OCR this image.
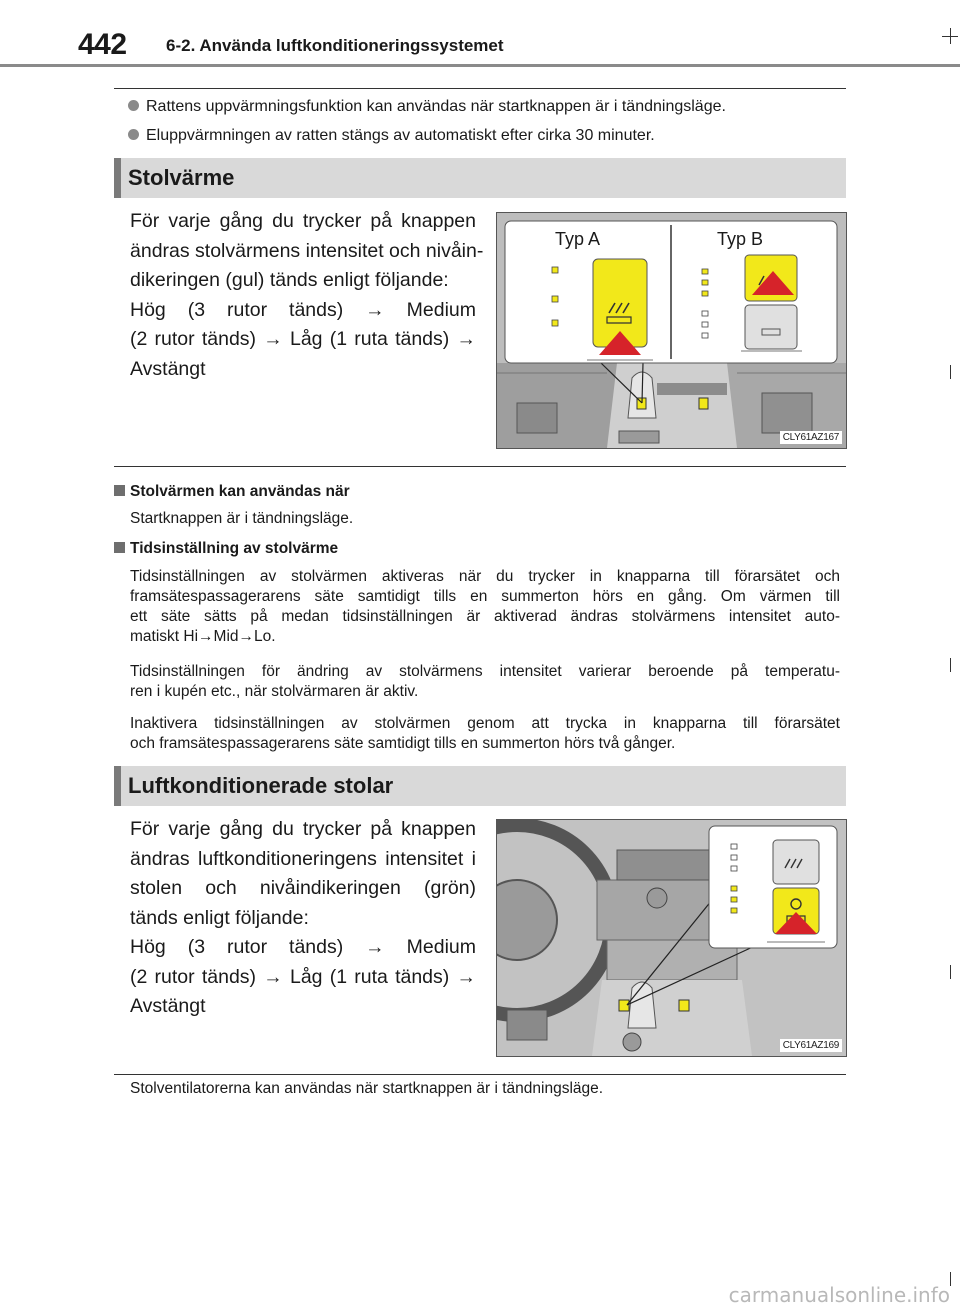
442 6-2. Använda luftkonditioneringssystemet
Rattens uppvärmningsfunktion kan användas när startknappen är i tändningsläge.
Eluppvärmningen av ratten stängs av automatiskt efter cirka 30 minuter.
Stolvärme
För varje gång du trycker på knappen
ändras stolvärmens intensitet och nivåin-
dikeringen (gul) tänds enligt följande:
Hög (3 rutor tänds) → Medium
(2 rutor tänds) → Låg (1 ruta tänds) →
Avstängt
Typ A	Typ B
CLY61AZ167
Stolvärmen kan användas när
Startknappen är i tändningsläge.
Tidsinställning av stolvärme
Tidsinställningen av stolvärmen aktiveras när du trycker in knapparna till förarsätet och
framsätespassagerarens säte samtidigt tills en summerton hörs en gång. Om värmen till
ett säte sätts på medan tidsinställningen är aktiverad ändras stolvärmens intensitet auto-
matiskt Hi→Mid→Lo.
Tidsinställningen för ändring av stolvärmens intensitet varierar beroende på temperatu-
ren i kupén etc., när stolvärmaren är aktiv.
Inaktivera tidsinställningen av stolvärmen genom att trycka in knapparna till förarsätet
och framsätespassagerarens säte samtidigt tills en summerton hörs två gånger.
Luftkonditionerade stolar
För varje gång du trycker på knappen
ändras luftkonditioneringens intensitet i
stolen och nivåindikeringen (grön)
tänds enligt följande:
Hög (3 rutor tänds) → Medium
(2 rutor tänds) → Låg (1 ruta tänds) →
Avstängt
CLY61AZ169
Stolventilatorerna kan användas när startknappen är i tändningsläge.
carmanualsonline.info
